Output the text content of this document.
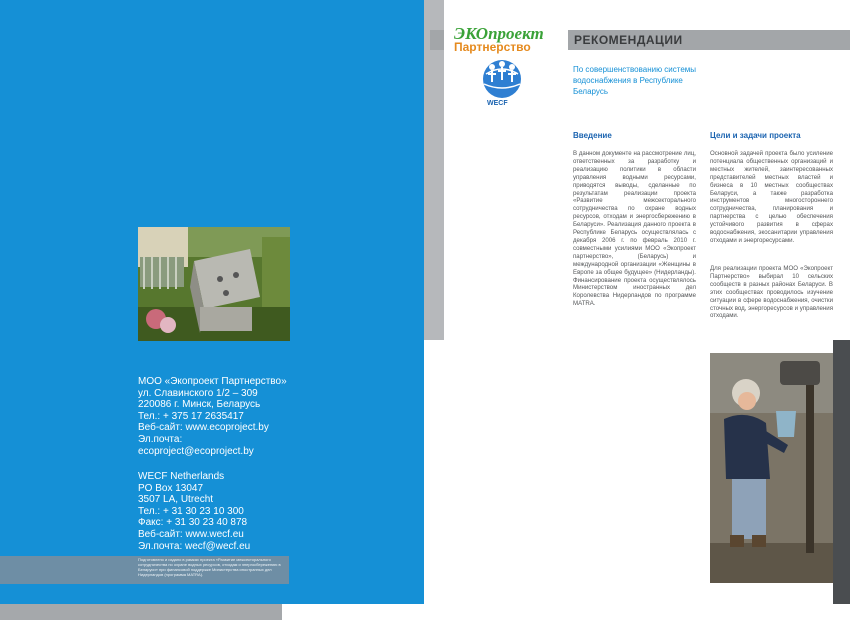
РЕКОМЕНДАЦИИ
ЭКОпроект
Партнерство
WECF
По совершенствованию системы водоснабжения в Республике Беларусь
Введение
В данном документе на рассмотрение лиц, ответственных за разработку и реализацию политики в области управления водными ресурсами, приводятся выводы, сделанные по результатам реализации проекта «Развитие межсекторального сотрудничества по охране водных ресурсов, отходам и энергосбережению в Беларуси». Реализация данного проекта в Республике Беларусь осуществлялась с декабря 2006 г. по февраль 2010 г. совместными усилиями МОО «Экопроект партнерство», (Беларусь) и международной организации «Женщины в Европе за общее будущее» (Нидерланды). Финансирование проекта осуществлялось Министерством иностранных дел Королевства Нидерландов по программе MATRA.
Цели и задачи проекта
Основной задачей проекта было усиление потенциала общественных организаций и местных жителей, заинтересованных представителей местных властей и бизнеса в 10 местных сообществах Беларуси, а также разработка инструментов многостороннего сотрудничества, планирования и партнерства с целью обеспечения устойчивого развития в сферах водоснабжения, экосанитарии управления отходами и энергоресурсами.
Для реализации проекта МОО «Экопроект Партнерство» выбирал 10 сельских сообществ в разных районах Беларуси. В этих сообществах проводилось изучение ситуации в сфере водоснабжения, очистки сточных вод, энергоресурсов и управления отходами.
МОО «Экопроект Партнерство»
ул. Славинского 1/2 – 309
220086 г. Минск, Беларусь
Тел.: + 375 17 2635417
Веб-сайт: www.ecoproject.by
Эл.почта:
ecoproject@ecoproject.by
WECF Netherlands
PO Box 13047
3507 LA, Utrecht
Тел.: + 31 30 23 10 300
Факс: + 31 30 23 40 878
Веб-сайт: www.wecf.eu
Эл.почта: wecf@wecf.eu
Подготовлено и издано в рамках проекта «Развитие межсекторального сотрудничества по охране водных ресурсов, отходам и энергосбережению в Беларуси» при финансовой поддержке Министерства иностранных дел Нидерландов (программа MATRA).
